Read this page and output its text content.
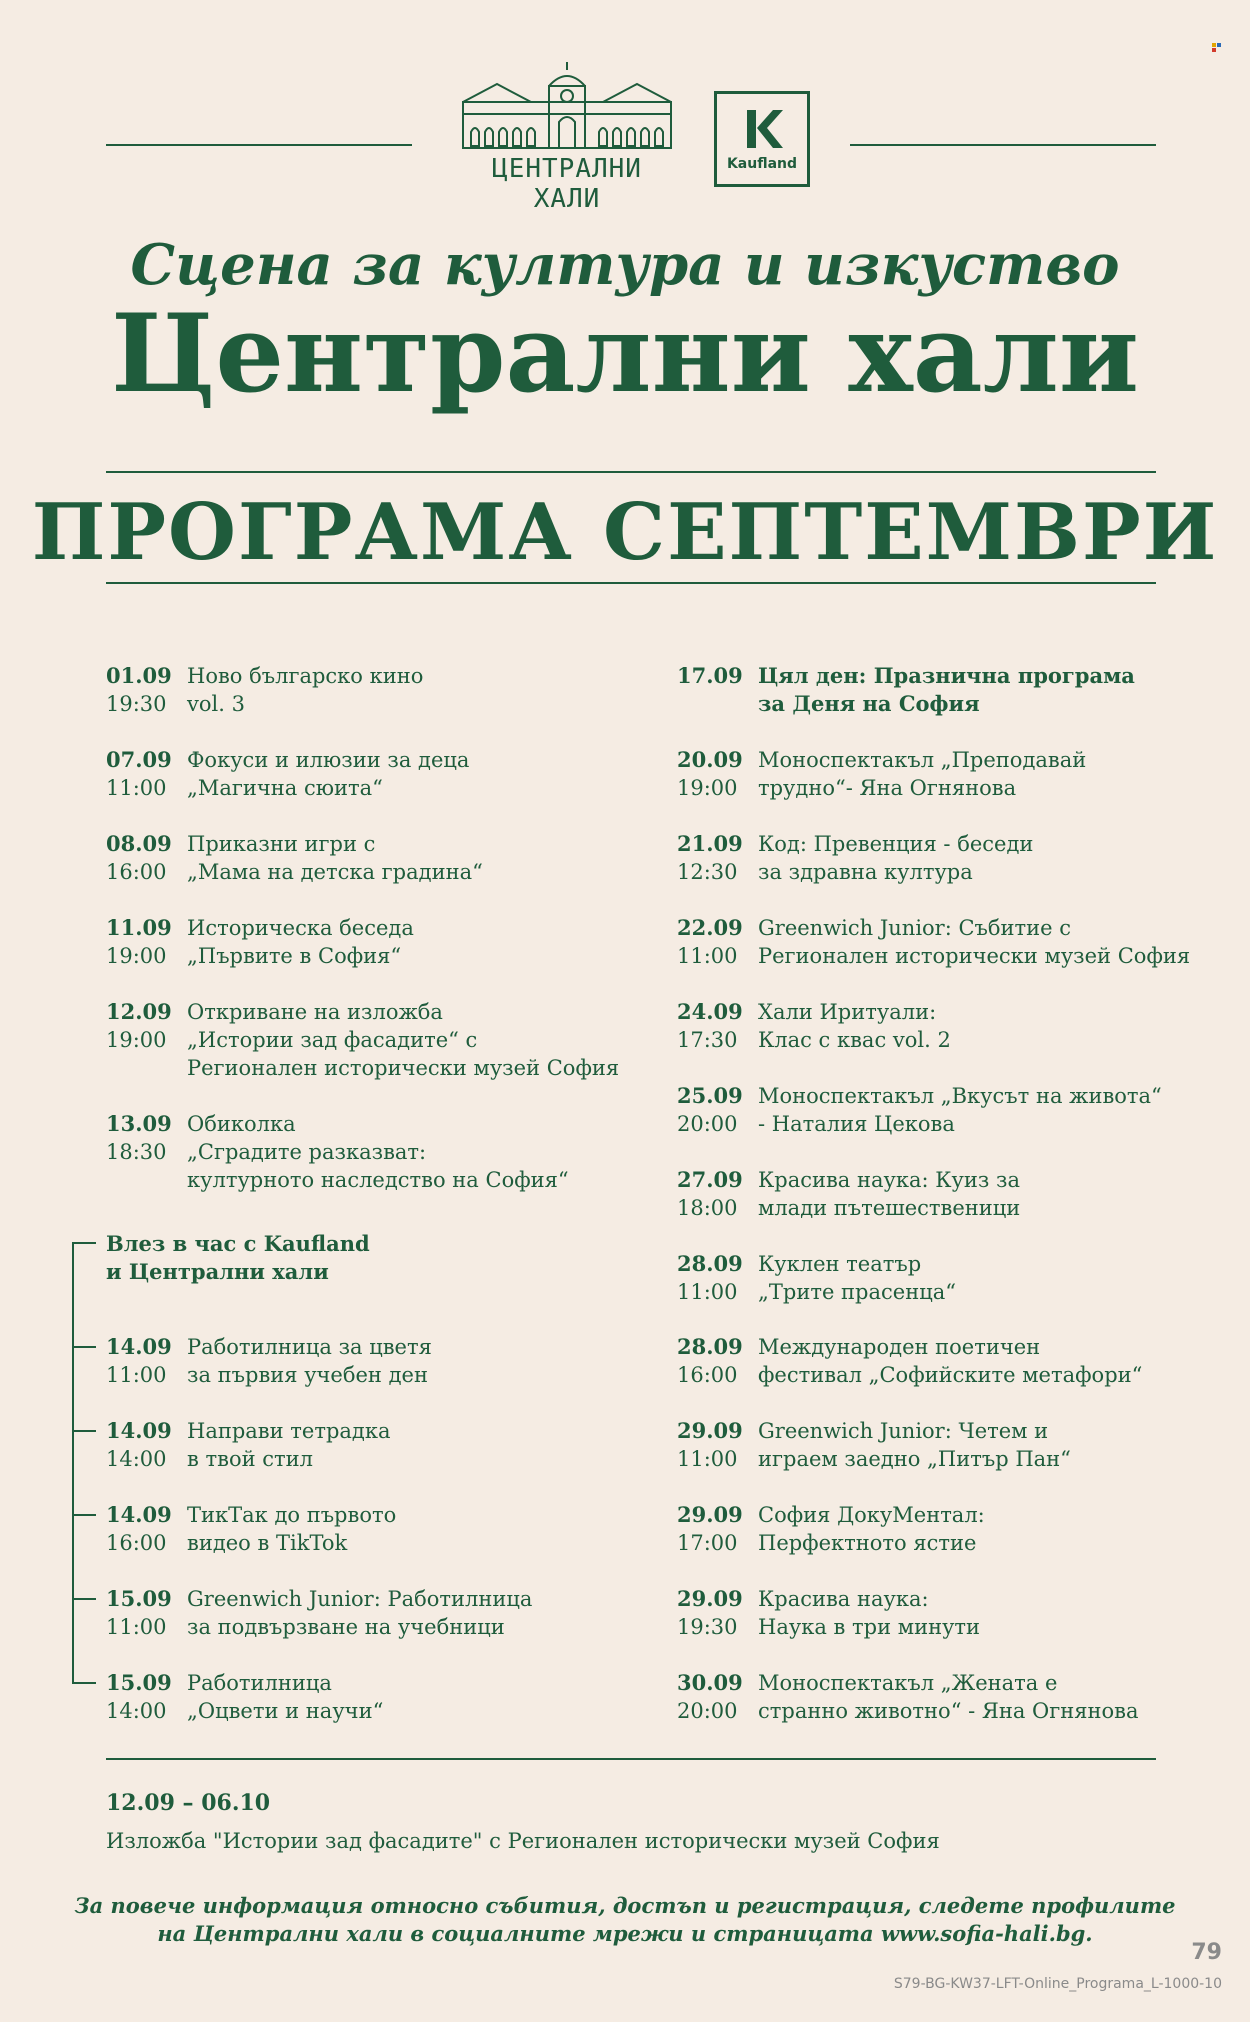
ЦЕНТРАЛНИ ХАЛИ
Kaufland
Сцена за култура и изкуство
Централни хали
ПРОГРАМА СЕПТЕМВРИ
01.09
19:30
Ново българско кино
vol. 3
07.09
11:00
Фокуси и илюзии за деца
„Магична сюита“
08.09
16:00
Приказни игри с
„Мама на детска градина“
11.09
19:00
Историческа беседа
„Първите в София“
12.09
19:00
Откриване на изложба
„Истории зад фасадите“ с
Регионален исторически музей София
13.09
18:30
Обиколка
„Сградите разказват:
културното наследство на София“
Влез в час с Kaufland
и Централни хали
14.09
11:00
Работилница за цветя
за първия учебен ден
14.09
14:00
Направи тетрадка
в твой стил
14.09
16:00
ТикТак до първото
видео в TikTok
15.09
11:00
Greenwich Junior: Работилница
за подвързване на учебници
15.09
14:00
Работилница
„Оцвети и научи“
17.09 Цял ден: Празнична програма
за Деня на София
20.09
19:00
Моноспектакъл „Преподавай
трудно“- Яна Огнянова
21.09
12:30
Код: Превенция - беседи
за здравна култура
22.09
11:00
Greenwich Junior: Събитие с
Регионален исторически музей София
24.09
17:30
Хали Иритуали:
Клас с квас vol. 2
25.09
20:00
Моноспектакъл „Вкусът на живота“
- Наталия Цекова
27.09
18:00
Красива наука: Куиз за
млади пътешественици
28.09
11:00
Куклен театър
„Трите прасенца“
28.09
16:00
Международен поетичен
фестивал „Софийските метафори“
29.09
11:00
Greenwich Junior: Четем и
играем заедно „Питър Пан“
29.09
17:00
София ДокуМентал:
Перфектното ястие
29.09
19:30
Красива наука:
Наука в три минути
30.09
20:00
Моноспектакъл „Жената е
странно животно“ - Яна Огнянова
12.09 – 06.10
Изложба "Истории зад фасадите" с Регионален исторически музей София
За повече информация относно събития, достъп и регистрация, следете профилите
на Централни хали в социалните мрежи и страницата www.sofia-hali.bg.
79
S79-BG-KW37-LFT-Online_Programa_L-1000-10
